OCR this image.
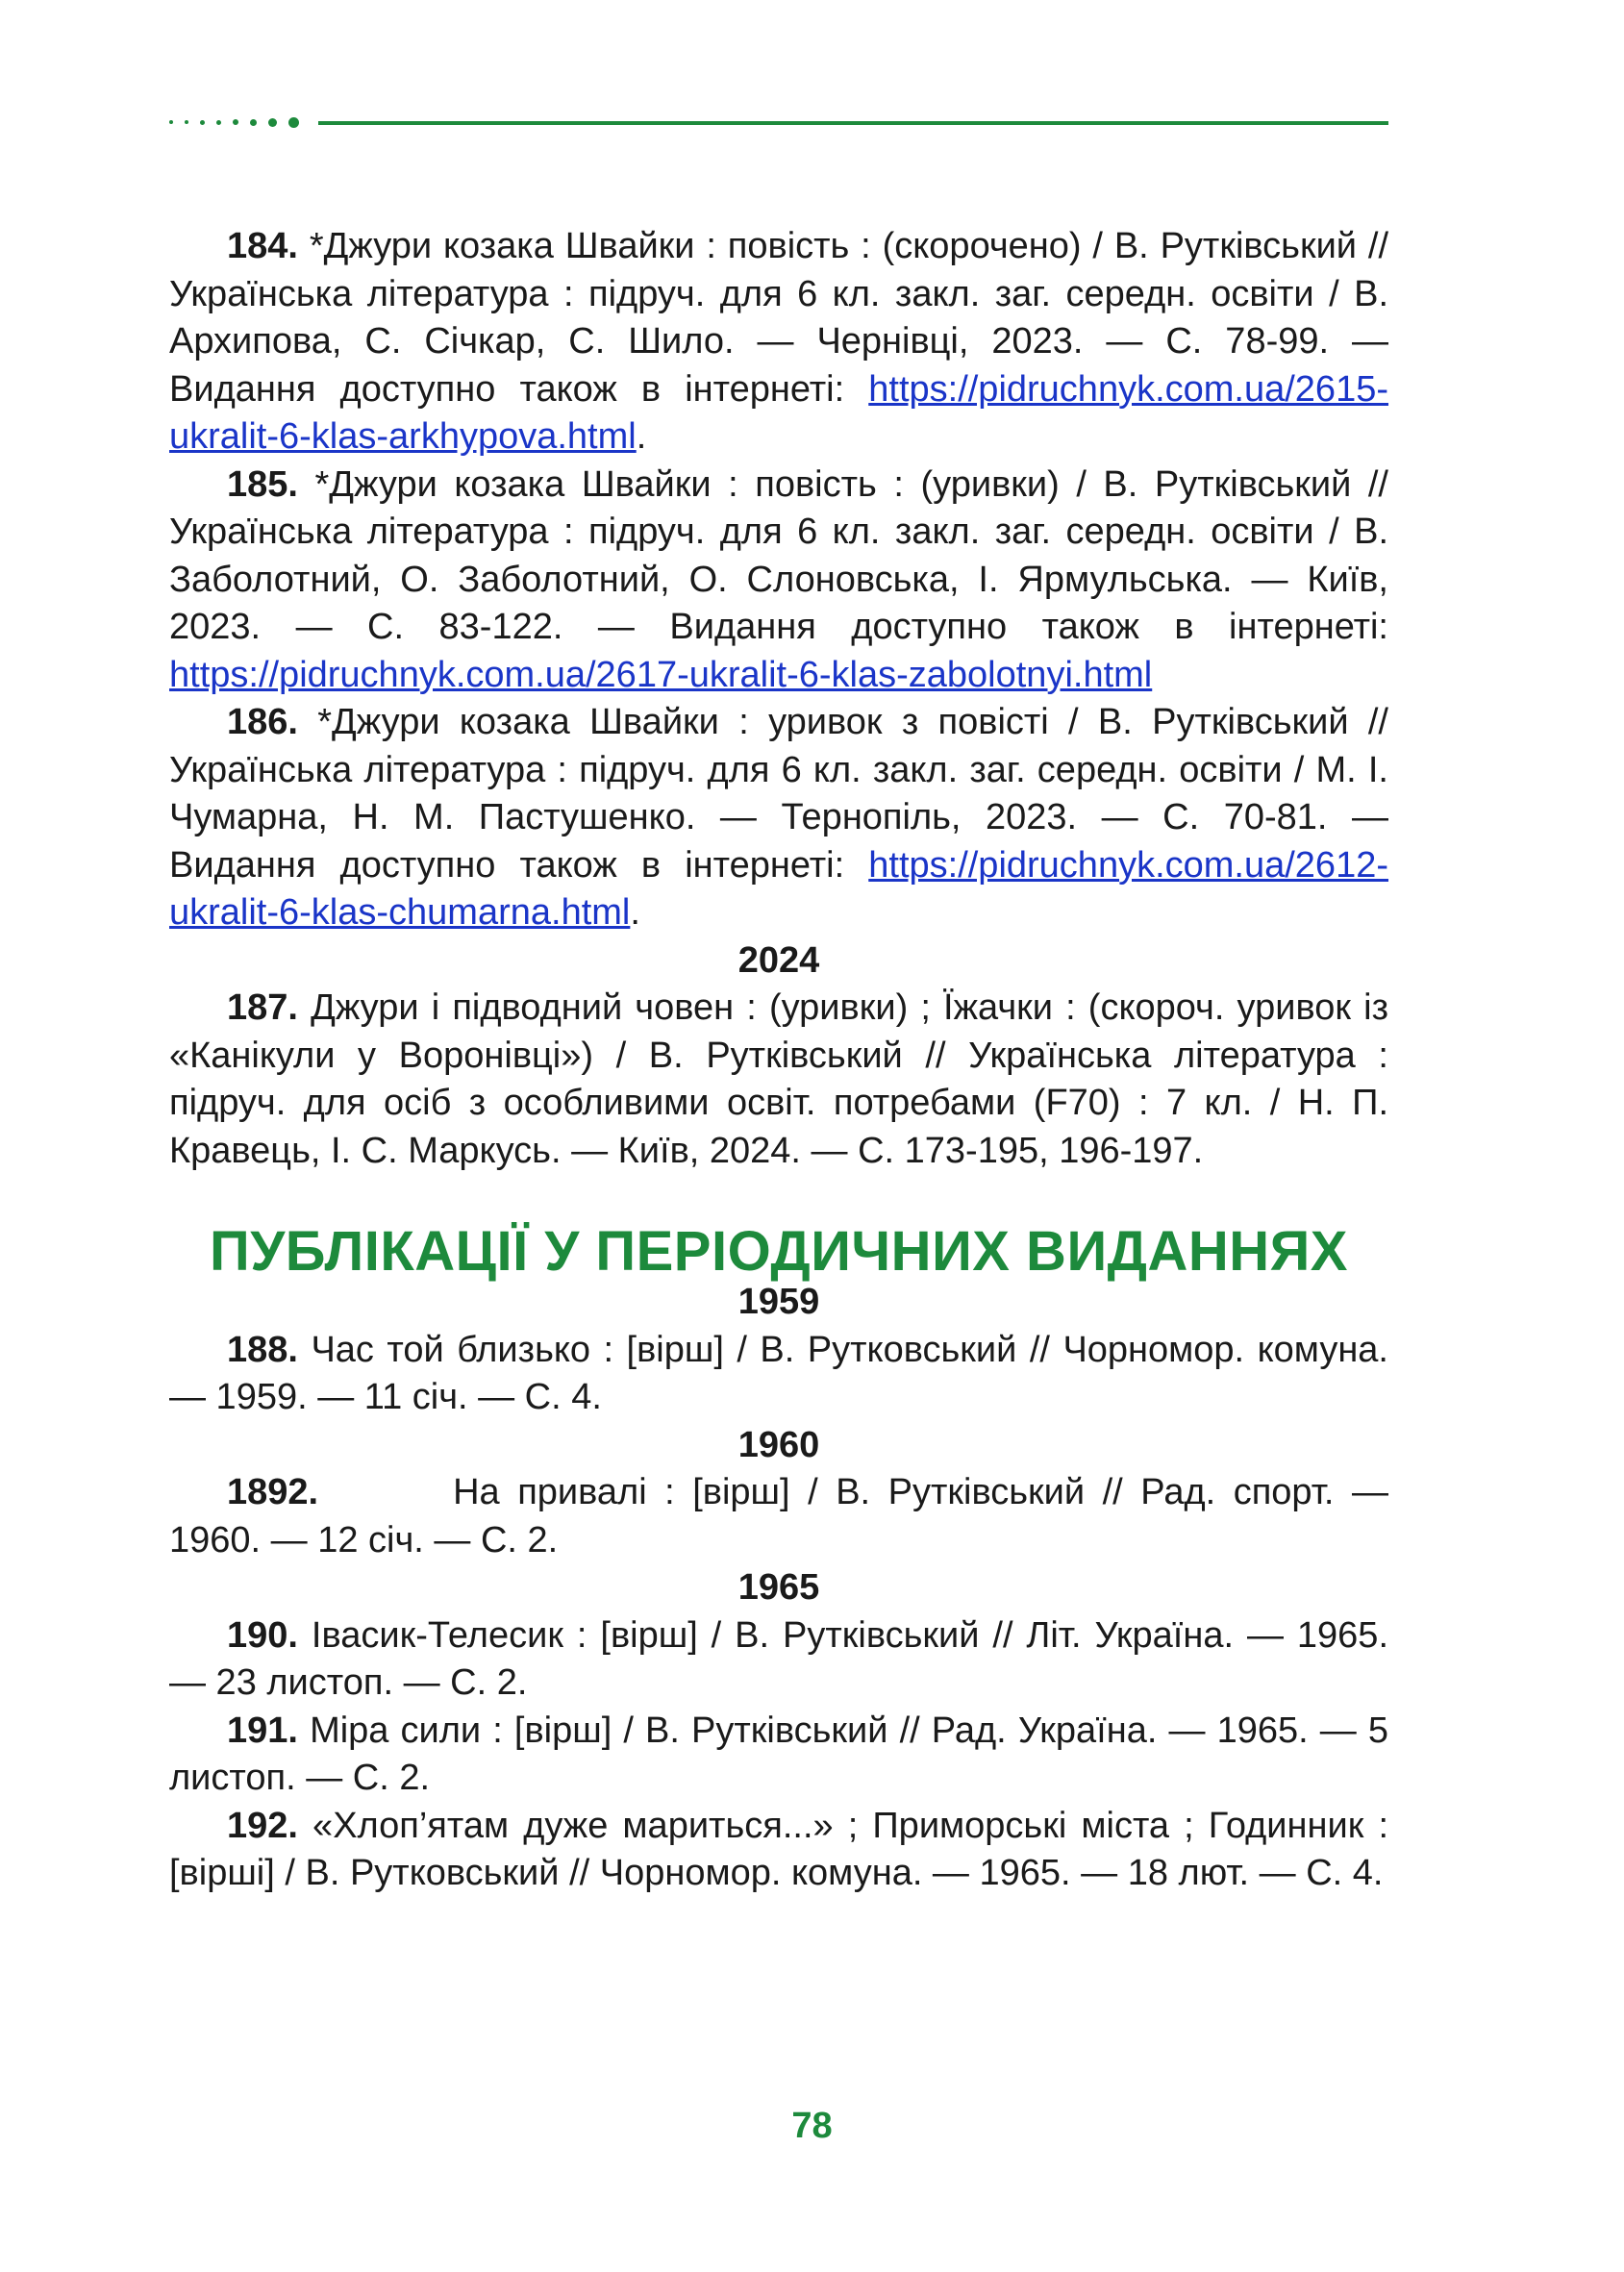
184. *Джури козака Швайки : повість : (скорочено) / В. Рутківський // Українська література : підруч. для 6 кл. закл. заг. середн. освіти / В. Архипова, С. Січкар, С. Шило. — Чернівці, 2023. — С. 78-99. — Видання доступно також в інтернеті: https://pidruchnyk.com.ua/2615-ukralit-6-klas-arkhypova.html.

185. *Джури козака Швайки : повість : (уривки) / В. Рутківський // Українська література : підруч. для 6 кл. закл. заг. середн. освіти / В. Заболотний, О. Заболотний, О. Слоновська, І. Ярмульська. — Київ, 2023. — С. 83-122. — Видання доступно також в інтернеті: https://pidruchnyk.com.ua/2617-ukralit-6-klas-zabolotnyi.html

186. *Джури козака Швайки : уривок з повісті / В. Рутківський // Українська література : підруч. для 6 кл. закл. заг. середн. освіти / М. І. Чумарна, Н. М. Пастушенко. — Тернопіль, 2023. — С. 70-81. — Видання доступно також в інтернеті: https://pidruchnyk.com.ua/2612-ukralit-6-klas-chumarna.html.

2024

187. Джури і підводний човен : (уривки) ; Їжачки : (скороч. уривок із «Канікули у Воронівці») / В. Рутківський // Українська література : підруч. для осіб з особливими освіт. потребами (F70) : 7 кл. / Н. П. Кравець, І. С. Маркусь. — Київ, 2024. — С. 173-195, 196-197.

ПУБЛІКАЦІЇ У ПЕРІОДИЧНИХ ВИДАННЯХ

1959

188. Час той близько : [вірш] / В. Рутковський // Чорномор. комуна. — 1959. — 11 січ. — С. 4.

1960

1892.	На привалі : [вірш] / В. Рутківський // Рад. спорт. — 1960. — 12 січ. — С. 2.

1965

190. Івасик-Телесик : [вірш] / В. Рутківський // Літ. Україна. — 1965. — 23 листоп. — С. 2.

191. Міра сили : [вірш] / В. Рутківський // Рад. Україна. — 1965. — 5 листоп. — С. 2.

192. «Хлоп’ятам дуже мариться...» ; Приморські міста ; Годинник : [вірші] / В. Рутковський // Чорномор. комуна. — 1965. — 18 лют. — С. 4.

78
